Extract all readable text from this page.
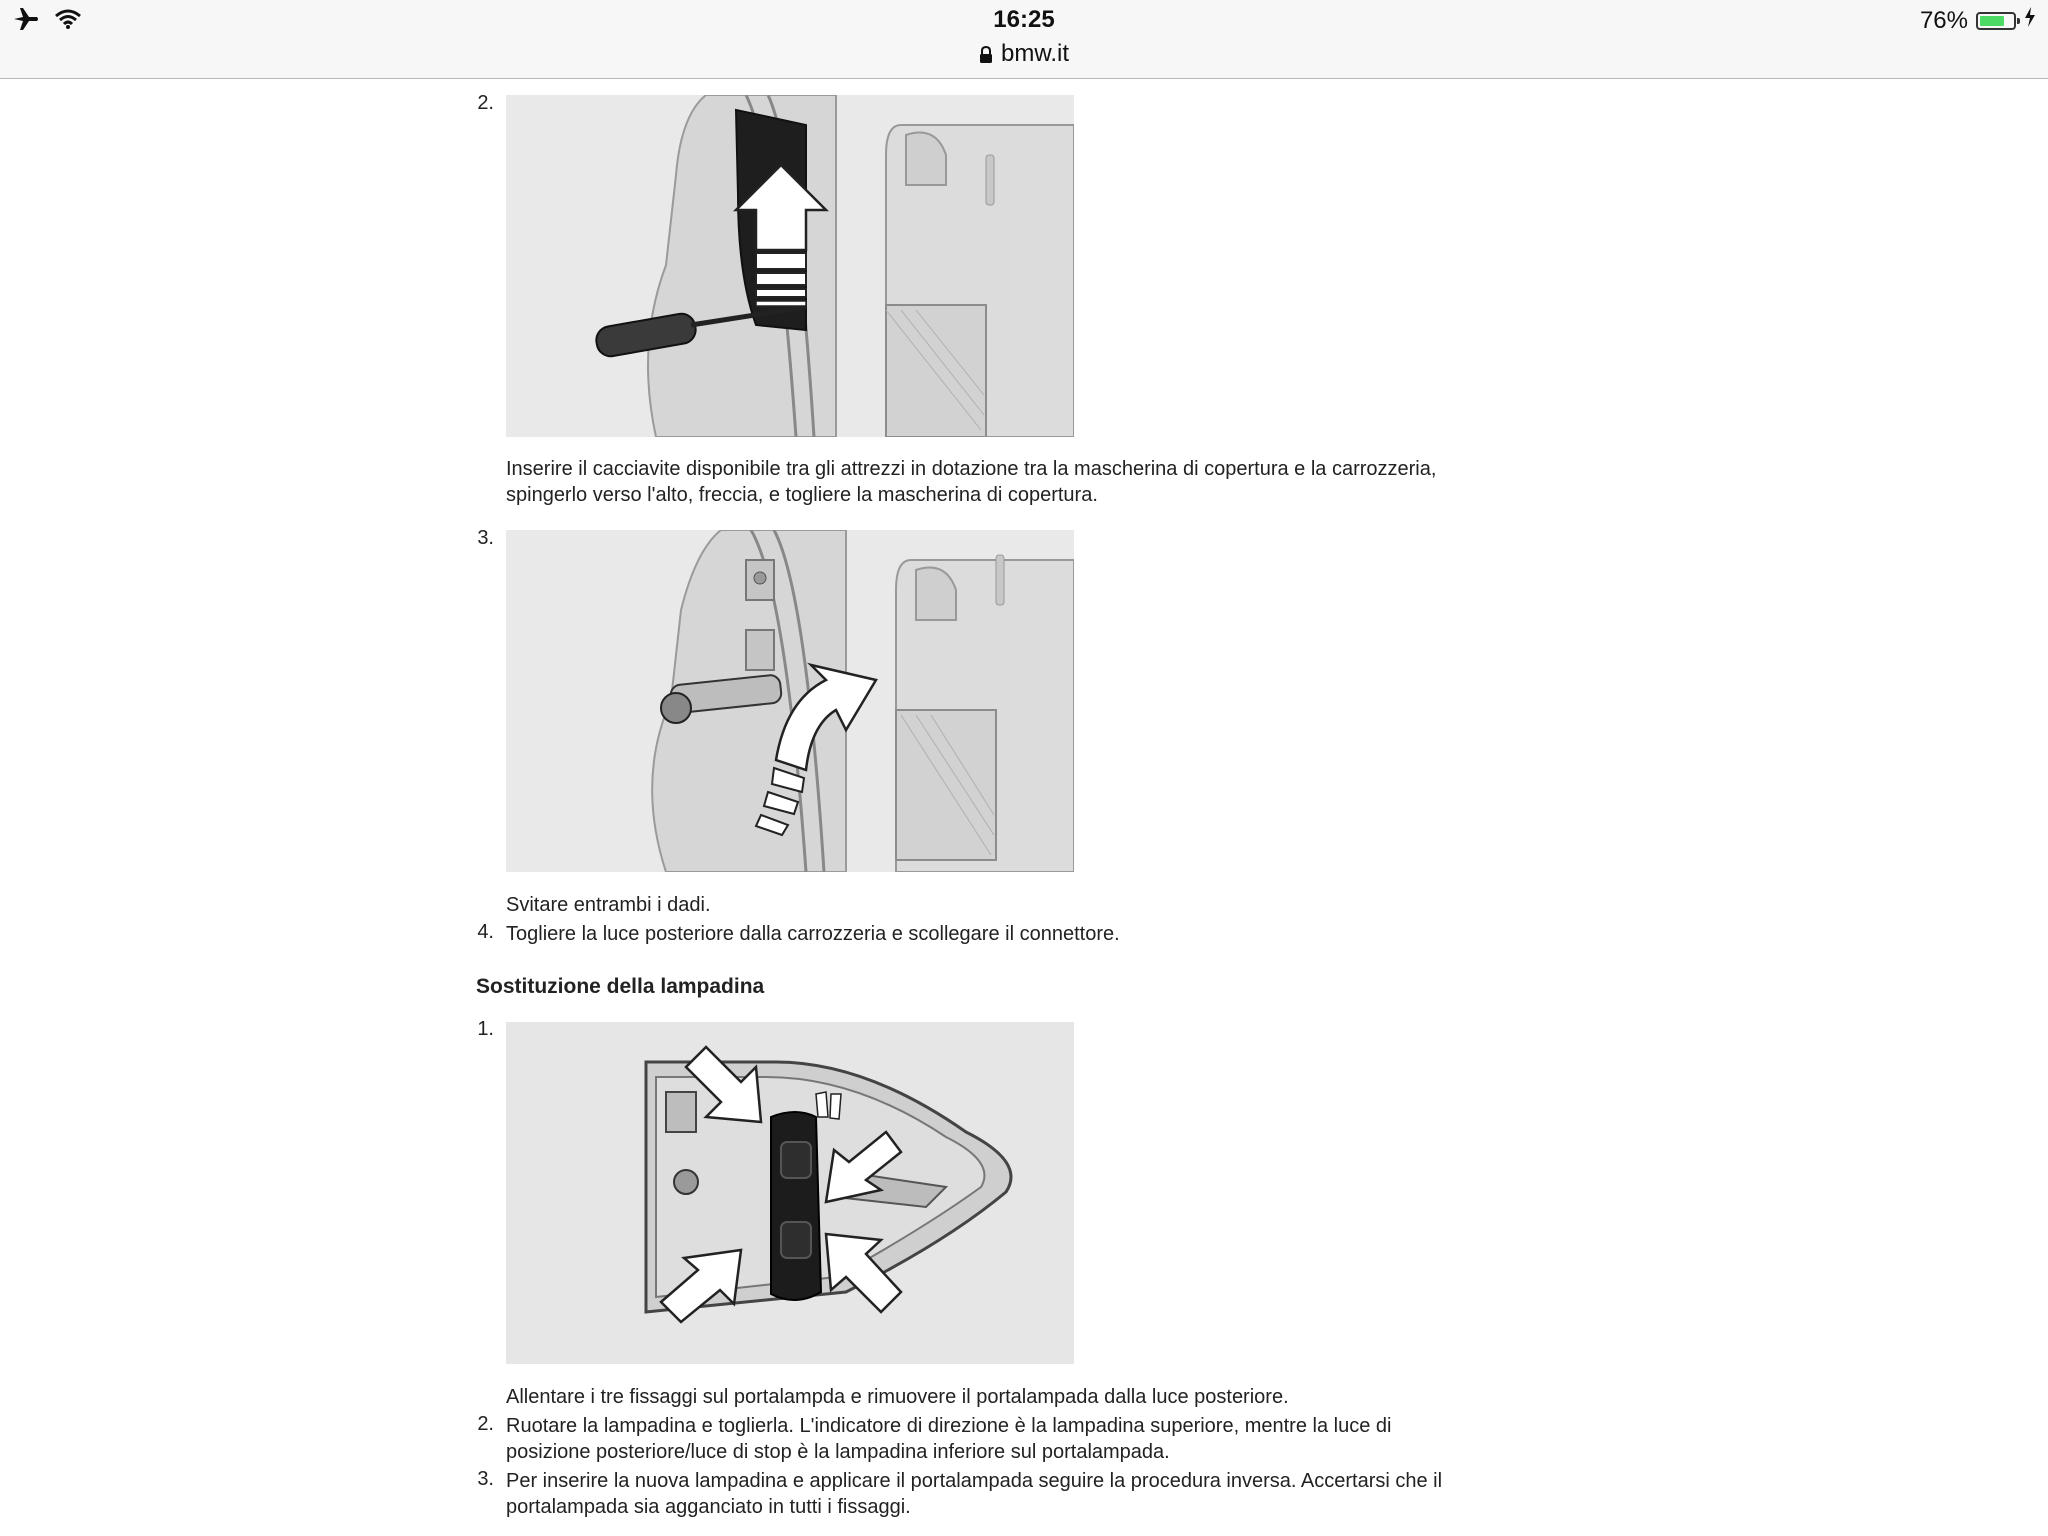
16:25
bmw.it
76%
2.
Inserire il cacciavite disponibile tra gli attrezzi in dotazione tra la mascherina di copertura e la carrozzeria, spingerlo verso l'alto, freccia, e togliere la mascherina di copertura.
3.
Svitare entrambi i dadi.
4. Togliere la luce posteriore dalla carrozzeria e scollegare il connettore.
Sostituzione della lampadina
1.
Allentare i tre fissaggi sul portalampda e rimuovere il portalampada dalla luce posteriore.
2. Ruotare la lampadina e toglierla. L'indicatore di direzione è la lampadina superiore, mentre la luce di posizione posteriore/luce di stop è la lampadina inferiore sul portalampada.
3. Per inserire la nuova lampadina e applicare il portalampada seguire la procedura inversa. Accertarsi che il portalampada sia agganciato in tutti i fissaggi.
